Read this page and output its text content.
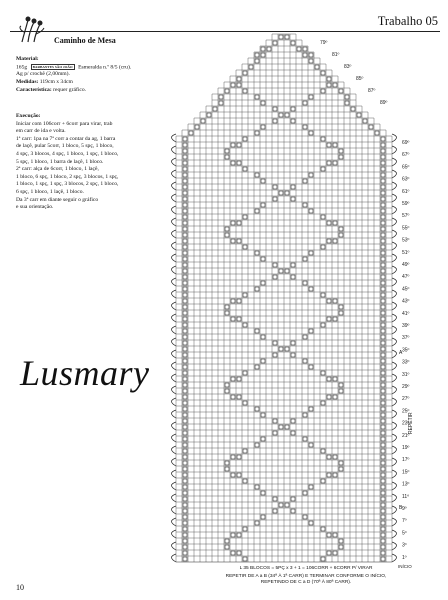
Trabalho 05
Caminho de Mesa
Material:
165g BARBANTES SÃO JOÃO Esmeralda n.º 8/5 (cru).
Ag p/ crochê (2,00mm).
Medidas: 119cm x 34cm
Característica: requer gráfico.

Execução:

Iniciar com 106corr + 6corr para virar, trab

em carr de ida e volta.

1ª carr: 1pa na 7ª corr a contar da ag, 1 barra

de laçê, pular 5corr, 1 bloco, 5 spç, 1 bloco,

4 spç, 3 blocos, 4 spç, 1 bloco, 1 spç, 1 bloco,

5 spç, 1 bloco, 1 barra de laçê, 1 bloco.

2ª carr: alça de 6corr, 1 bloco, 1 laçê,

1 bloco, 6 spç, 1 bloco, 2 spç, 3 blocos, 1 spç,

1 bloco, 1 spç, 1 spç, 3 blocos, 2 spç, 1 bloco,

6 spç, 1 bloco, 1 laçê, 1 bloco.

Da 3ª carr em diante seguir o gráfico

e sua orientação.

Lusmary
69º
67º
65º
63º
61º
59º
57º
55º
53º
51º
49º
47º
45º
43º
41º
39º
37º
35º
33º
31º
29º
27º
25º
23º
21º
19º
17º
15º
13º
11º
9º
7º
5º
3º
1º
79º
81º
83º
85º
87º
89º
INÍCIO
A
B
REPETIR
L 35 BLOCOS = 5PÇ x 3 + 1 = 106CORR + 6CORR P/ VIRAR
REPETIR DE A a B (34ª À 1ª CARR) E TERMINAR CONFORME O INÍCIO,
REPETINDO DE C a D (70ª À 80ª CARR).
10
